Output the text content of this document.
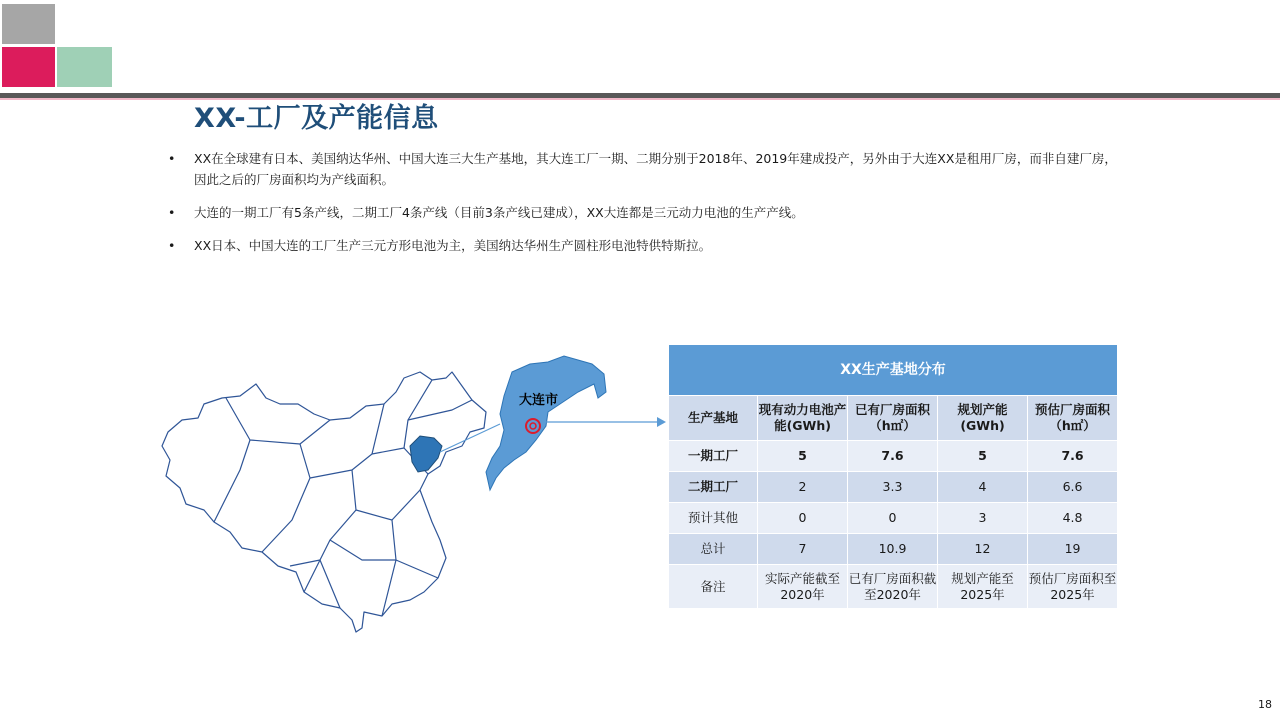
XX-工厂及产能信息
• XX在全球建有日本、美国纳达华州、中国大连三大生产基地，其大连工厂一期、二期分别于2018年、2019年建成投产，另外由于大连XX是租用厂房，而非自建厂房，因此之后的厂房面积均为产线面积。
• 大连的一期工厂有5条产线，二期工厂4条产线（目前3条产线已建成），XX大连都是三元动力电池的生产产线。
• XX日本、中国大连的工厂生产三元方形电池为主，美国纳达华州生产圆柱形电池特供特斯拉。
大连市
XX生产基地分布				
生产基地	现有动力电池产能(GWh)	已有厂房面积（h㎡）	规划产能(GWh)	预估厂房面积（h㎡）
一期工厂	5	7.6	5	7.6
二期工厂	2	3.3	4	6.6
预计其他	0	0	3	4.8
总计	7	10.9	12	19
备注	实际产能截至2020年	已有厂房面积截至2020年	规划产能至2025年	预估厂房面积至2025年
18
